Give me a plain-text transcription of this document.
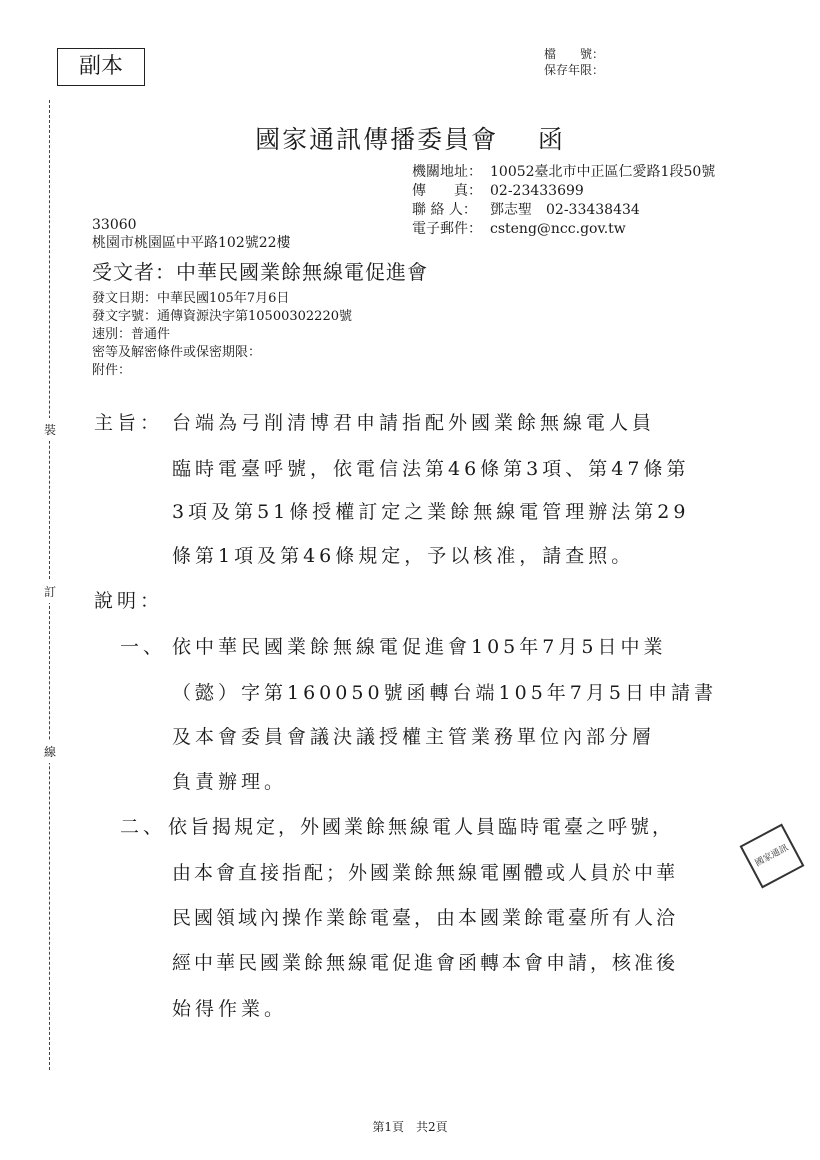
副本	檔　　號：
保存年限：
裝
訂
線
國家通訊傳播委員會 函
機關地址： 10052臺北市中正區仁愛路1段50號
傳　　真： 02-23433699
聯 絡 人： 鄧志聖　02-33438434
電子郵件： csteng@ncc.gov.tw
33060
桃園市桃園區中平路102號22樓
受文者：中華民國業餘無線電促進會
發文日期：中華民國105年7月6日
發文字號：通傳資源決字第10500302220號
速別：普通件
密等及解密條件或保密期限：
附件：
主旨： 台端為弓削清博君申請指配外國業餘無線電人員
臨時電臺呼號，依電信法第46條第3項、第47條第
3項及第51條授權訂定之業餘無線電管理辦法第29
條第1項及第46條規定，予以核准，請查照。
說明：
一、 依中華民國業餘無線電促進會105年7月5日中業
（懿）字第160050號函轉台端105年7月5日申請書
及本會委員會議決議授權主管業務單位內部分層
負責辦理。
二、 依旨揭規定，外國業餘無線電人員臨時電臺之呼號，
由本會直接指配；外國業餘無線電團體或人員於中華
民國領域內操作業餘電臺，由本國業餘電臺所有人洽
經中華民國業餘無線電促進會函轉本會申請，核准後
始得作業。
國家通訊
第1頁　共2頁
